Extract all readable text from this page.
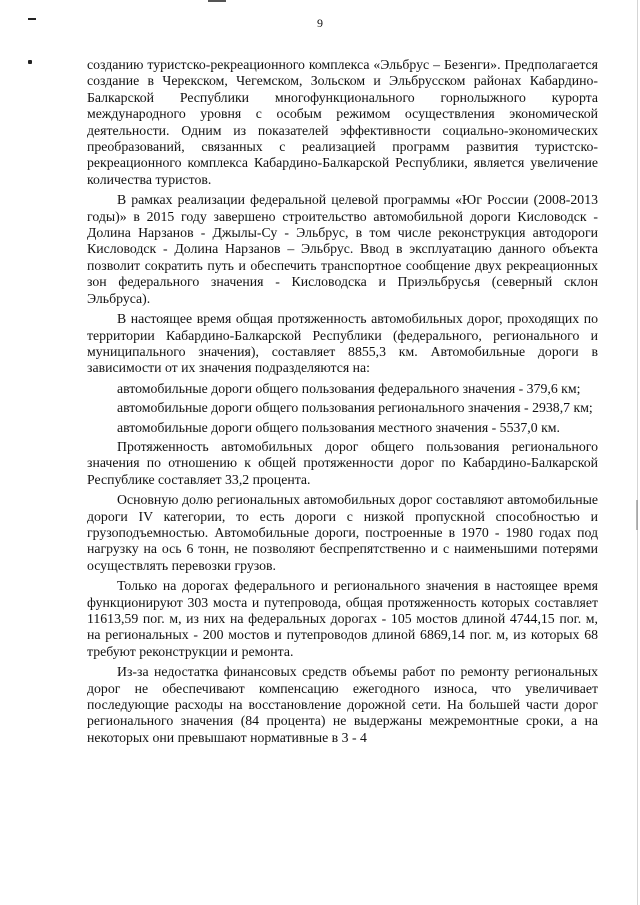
9

созданию туристско-рекреационного комплекса «Эльбрус – Безенги». Предполагается создание в Черекском, Чегемском, Зольском и Эльбрусском районах Кабардино-Балкарской Республики многофункционального горнолыжного курорта международного уровня с особым режимом осуществления экономической деятельности. Одним из показателей эффективности социально-экономических преобразований, связанных с реализацией программ развития туристско-рекреационного комплекса Кабардино-Балкарской Республики, является увеличение количества туристов.

В рамках реализации федеральной целевой программы «Юг России (2008-2013 годы)» в 2015 году завершено строительство автомобильной дороги Кисловодск - Долина Нарзанов - Джылы-Су - Эльбрус, в том числе реконструкция автодороги Кисловодск - Долина Нарзанов – Эльбрус. Ввод в эксплуатацию данного объекта позволит сократить путь и обеспечить транспортное сообщение двух рекреационных зон федерального значения - Кисловодска и Приэльбрусья (северный склон Эльбруса).

В настоящее время общая протяженность автомобильных дорог, проходящих по территории Кабардино-Балкарской Республики (федерального, регионального и муниципального значения), составляет 8855,3 км. Автомобильные дороги в зависимости от их значения подразделяются на:

автомобильные дороги общего пользования федерального значения - 379,6 км;

автомобильные дороги общего пользования регионального значения - 2938,7 км;

автомобильные дороги общего пользования местного значения - 5537,0 км.

Протяженность автомобильных дорог общего пользования регионального значения по отношению к общей протяженности дорог по Кабардино-Балкарской Республике составляет 33,2 процента.

Основную долю региональных автомобильных дорог составляют автомобильные дороги IV категории, то есть дороги с низкой пропускной способностью и грузоподъемностью. Автомобильные дороги, построенные в 1970 - 1980 годах под нагрузку на ось 6 тонн, не позволяют беспрепятственно и с наименьшими потерями осуществлять перевозки грузов.

Только на дорогах федерального и регионального значения в настоящее время функционируют 303 моста и путепровода, общая протяженность которых составляет 11613,59 пог. м, из них на федеральных дорогах - 105 мостов длиной 4744,15 пог. м, на региональных - 200 мостов и путепроводов длиной 6869,14 пог. м, из которых 68 требуют реконструкции и ремонта.

Из-за недостатка финансовых средств объемы работ по ремонту региональных дорог не обеспечивают компенсацию ежегодного износа, что увеличивает последующие расходы на восстановление дорожной сети. На большей части дорог регионального значения (84 процента) не выдержаны межремонтные сроки, а на некоторых они превышают нормативные в 3 - 4
